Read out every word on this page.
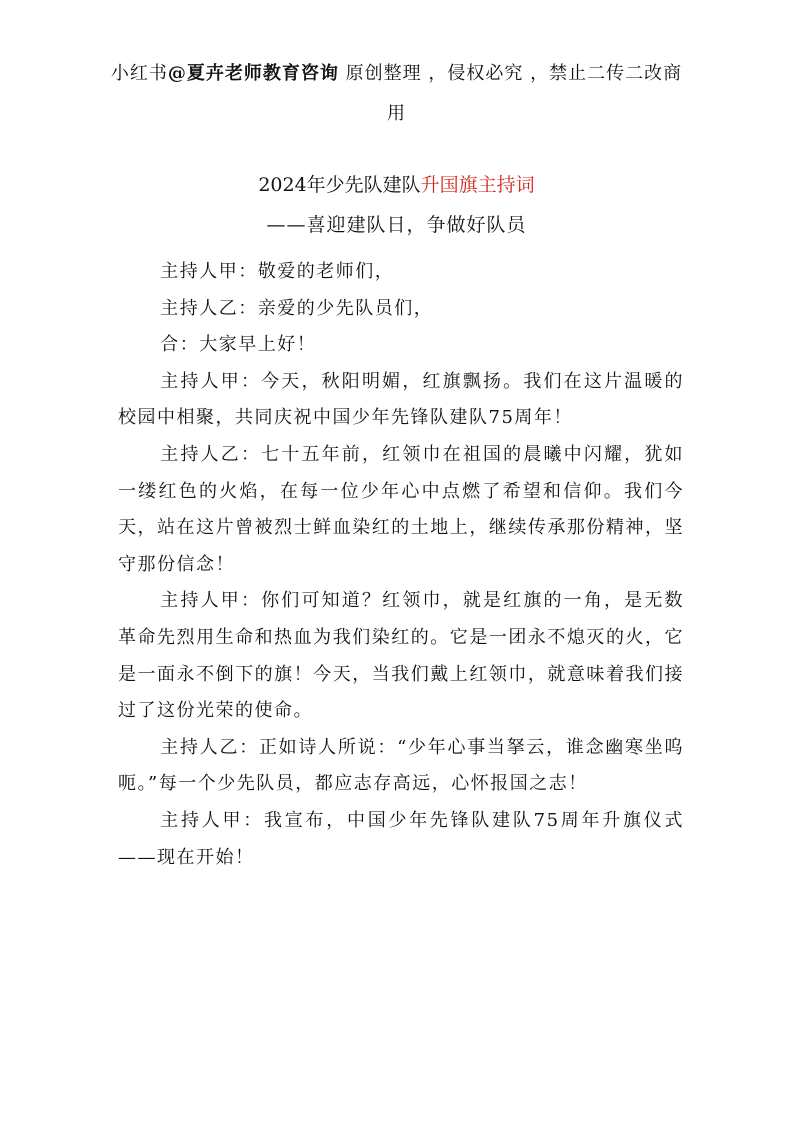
小红书@夏卉老师教育咨询 原创整理 ，侵权必究 ，禁止二传二改商用
2024年少先队建队升国旗主持词
——喜迎建队日，争做好队员

主持人甲：敬爱的老师们，

主持人乙：亲爱的少先队员们，

合：大家早上好！

主持人甲：今天，秋阳明媚，红旗飘扬。我们在这片温暖的校园中相聚，共同庆祝中国少年先锋队建队75周年！

主持人乙：七十五年前，红领巾在祖国的晨曦中闪耀，犹如一缕红色的火焰，在每一位少年心中点燃了希望和信仰。我们今天，站在这片曾被烈士鲜血染红的土地上，继续传承那份精神，坚守那份信念！

主持人甲：你们可知道？红领巾，就是红旗的一角，是无数革命先烈用生命和热血为我们染红的。它是一团永不熄灭的火，它是一面永不倒下的旗！今天，当我们戴上红领巾，就意味着我们接过了这份光荣的使命。

主持人乙：正如诗人所说：“少年心事当拏云，谁念幽寒坐呜呃。”每一个少先队员，都应志存高远，心怀报国之志！

主持人甲：我宣布，中国少年先锋队建队75周年升旗仪式——现在开始！
